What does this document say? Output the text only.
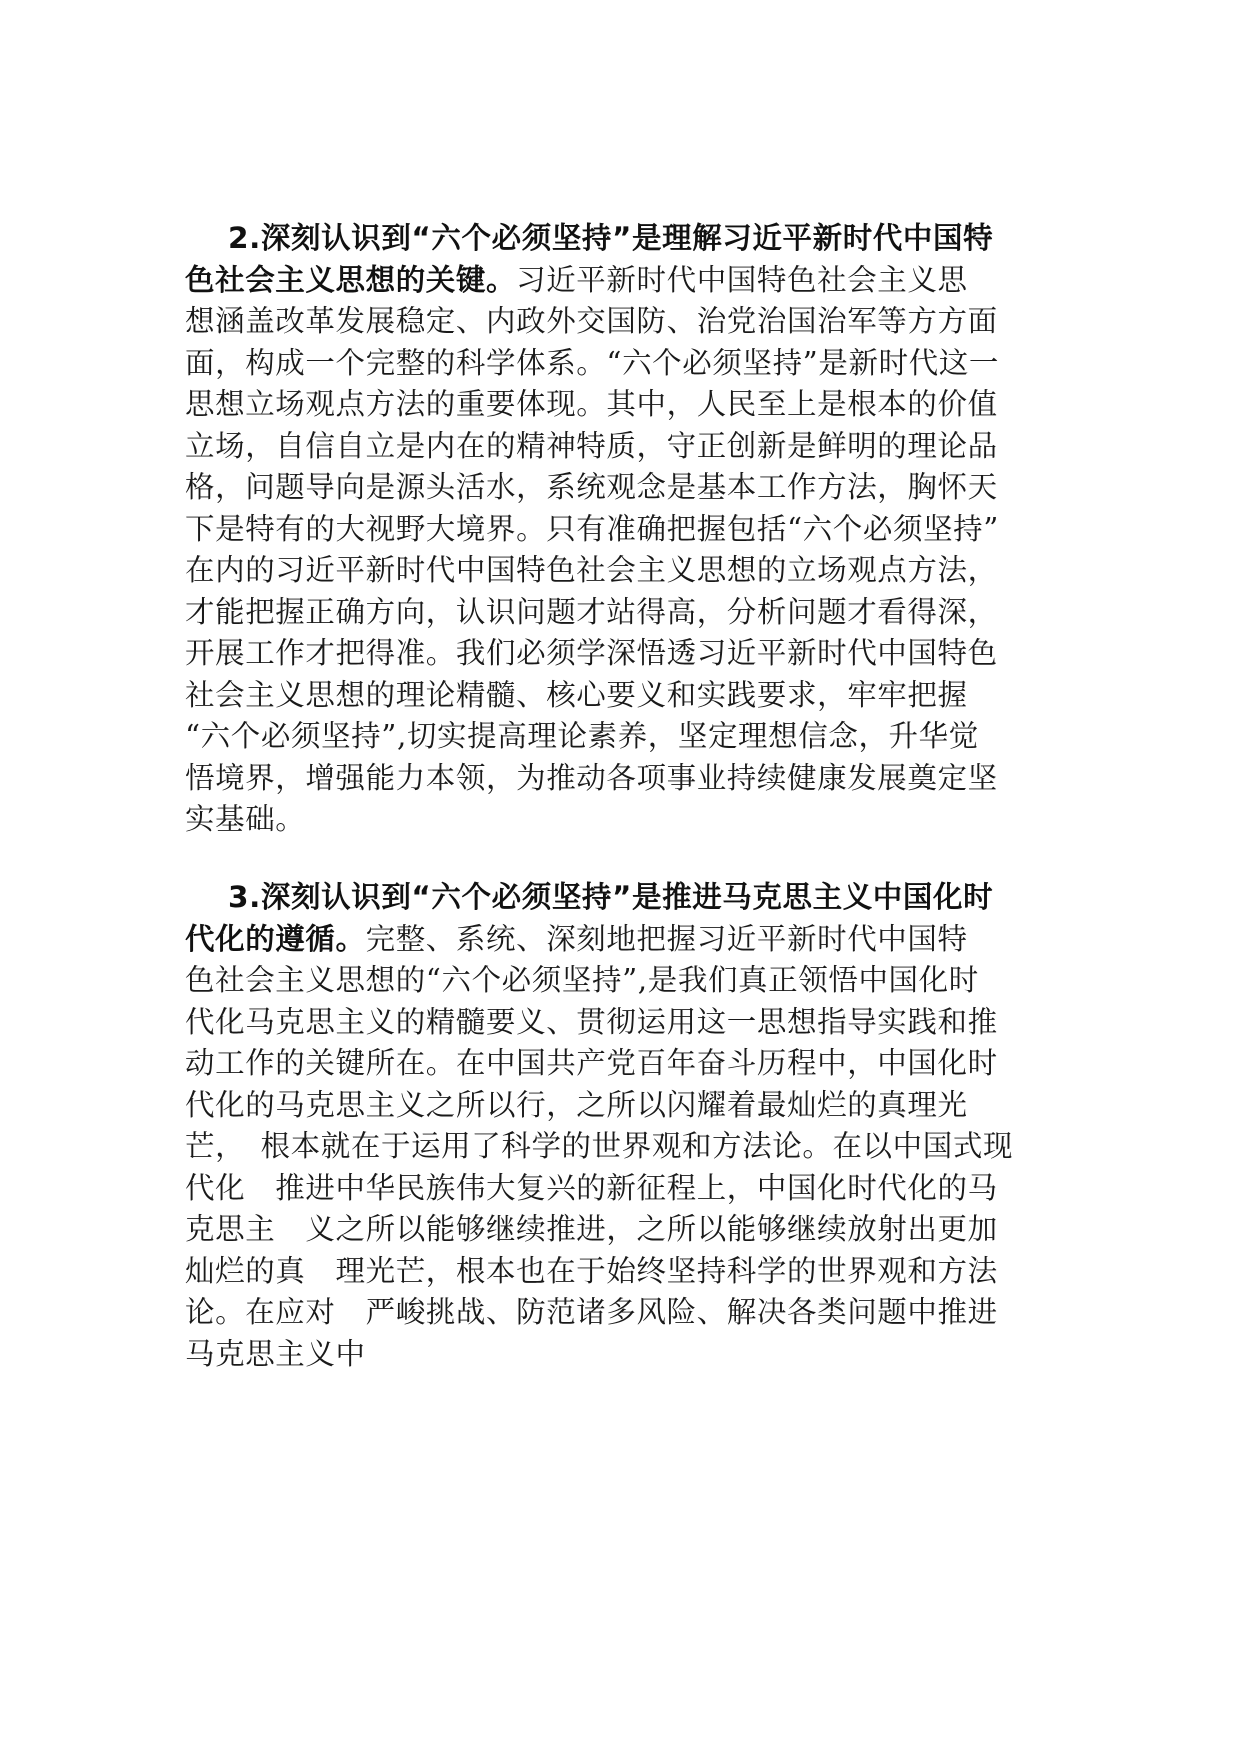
2.深刻认识到“六个必须坚持”是理解习近平新时代中国特
色社会主义思想的关键。习近平新时代中国特色社会主义思
想涵盖改革发展稳定、内政外交国防、治党治国治军等方方面
面，构成一个完整的科学体系。“六个必须坚持”是新时代这一
思想立场观点方法的重要体现。其中，人民至上是根本的价值
立场，自信自立是内在的精神特质，守正创新是鲜明的理论品
格，问题导向是源头活水，系统观念是基本工作方法，胸怀天
下是特有的大视野大境界。只有准确把握包括“六个必须坚持”
在内的习近平新时代中国特色社会主义思想的立场观点方法，
才能把握正确方向，认识问题才站得高，分析问题才看得深，
开展工作才把得准。我们必须学深悟透习近平新时代中国特色
社会主义思想的理论精髓、核心要义和实践要求，牢牢把握
“六个必须坚持”,切实提高理论素养，坚定理想信念，升华觉
悟境界，增强能力本领，为推动各项事业持续健康发展奠定坚
实基础。
3.深刻认识到“六个必须坚持”是推进马克思主义中国化时
代化的遵循。完整、系统、深刻地把握习近平新时代中国特
色社会主义思想的“六个必须坚持”,是我们真正领悟中国化时
代化马克思主义的精髓要义、贯彻运用这一思想指导实践和推
动工作的关键所在。在中国共产党百年奋斗历程中，中国化时
代化的马克思主义之所以行，之所以闪耀着最灿烂的真理光
芒，　根本就在于运用了科学的世界观和方法论。在以中国式现
代化　推进中华民族伟大复兴的新征程上，中国化时代化的马
克思主　义之所以能够继续推进，之所以能够继续放射出更加
灿烂的真　理光芒，根本也在于始终坚持科学的世界观和方法
论。在应对　严峻挑战、防范诸多风险、解决各类问题中推进
马克思主义中
